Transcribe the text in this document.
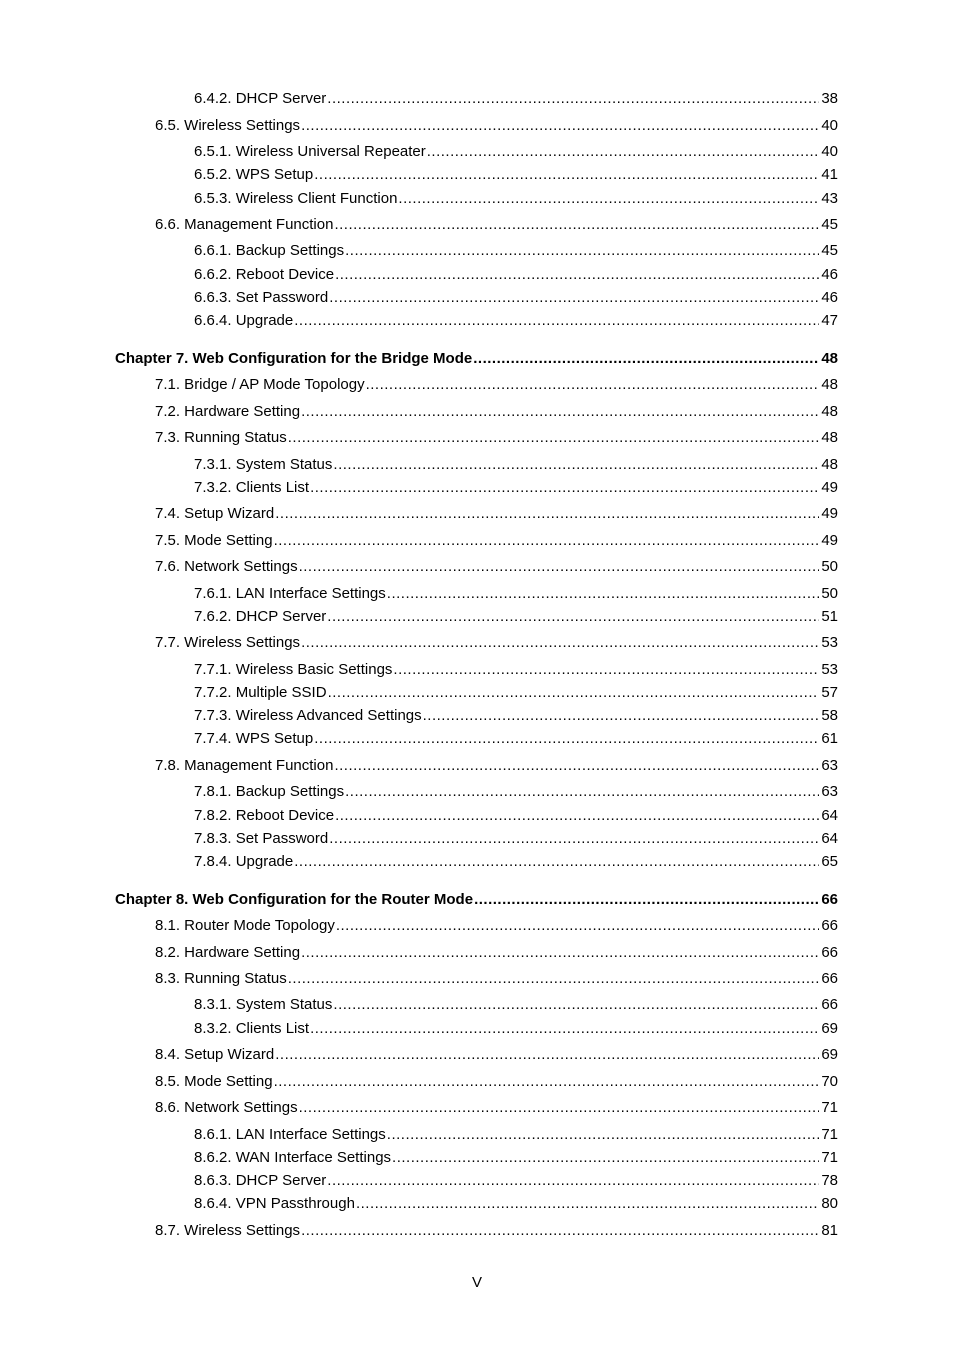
6.4.2. DHCP Server .....	38
6.5. Wireless Settings .....	40
6.5.1. Wireless Universal Repeater .....	40
6.5.2. WPS Setup .....	41
6.5.3. Wireless Client Function .....	43
6.6. Management Function .....	45
6.6.1. Backup Settings .....	45
6.6.2. Reboot Device .....	46
6.6.3. Set Password .....	46
6.6.4. Upgrade .....	47
Chapter 7. Web Configuration for the Bridge Mode .....	48
7.1. Bridge / AP Mode Topology .....	48
7.2. Hardware Setting .....	48
7.3. Running Status .....	48
7.3.1. System Status .....	48
7.3.2. Clients List .....	49
7.4. Setup Wizard .....	49
7.5. Mode Setting .....	49
7.6. Network Settings .....	50
7.6.1. LAN Interface Settings .....	50
7.6.2. DHCP Server .....	51
7.7. Wireless Settings .....	53
7.7.1. Wireless Basic Settings .....	53
7.7.2. Multiple SSID .....	57
7.7.3. Wireless Advanced Settings .....	58
7.7.4. WPS Setup .....	61
7.8. Management Function .....	63
7.8.1. Backup Settings .....	63
7.8.2. Reboot Device .....	64
7.8.3. Set Password .....	64
7.8.4. Upgrade .....	65
Chapter 8. Web Configuration for the Router Mode .....	66
8.1. Router Mode Topology .....	66
8.2. Hardware Setting .....	66
8.3. Running Status .....	66
8.3.1. System Status .....	66
8.3.2. Clients List .....	69
8.4. Setup Wizard .....	69
8.5. Mode Setting .....	70
8.6. Network Settings .....	71
8.6.1. LAN Interface Settings .....	71
8.6.2. WAN Interface Settings .....	71
8.6.3. DHCP Server .....	78
8.6.4. VPN Passthrough .....	80
8.7. Wireless Settings .....	81
V
